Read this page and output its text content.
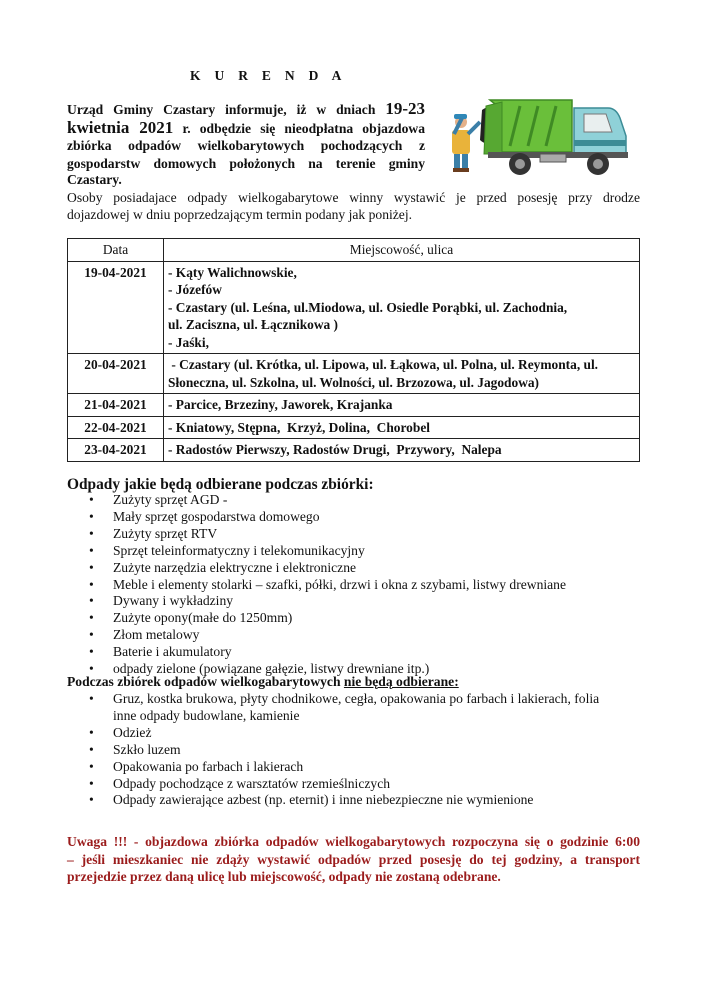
K U R E N D A
Urząd Gminy Czastary informuje, iż w dniach 19-23
kwietnia 2021 r. odbędzie się nieodpłatna objazdowa
zbiórka odpadów wielkobarytowych pochodzących z
gospodarstw domowych położonych na terenie gminy
Czastary.
Osoby posiadajace odpady wielkogabarytowe winny wystawić je przed posesję przy drodze
dojazdowej w dniu poprzedzającym termin podany jak poniżej.
Data	Miejscowość, ulica
19-04-2021	- Kąty Walichnowskie,
- Józefów
- Czastary (ul. Leśna, ul.Miodowa, ul. Osiedle Porąbki, ul. Zachodnia,
ul. Zaciszna, ul. Łącznikowa )
- Jaśki,

20-04-2021	- Czastary (ul. Krótka, ul. Lipowa, ul. Łąkowa, ul. Polna, ul. Reymonta, ul.
Słoneczna, ul. Szkolna, ul. Wolności, ul. Brzozowa, ul. Jagodowa)

21-04-2021	- Parcice, Brzeziny, Jaworek, Krajanka
22-04-2021	- Kniatowy, Stępna,  Krzyż, Dolina,  Chorobel
23-04-2021	- Radostów Pierwszy, Radostów Drugi,  Przywory,  Nalepa
Odpady jakie będą odbierane podczas zbiórki:
• Zużyty sprzęt AGD -
• Mały sprzęt gospodarstwa domowego
• Zużyty sprzęt RTV
• Sprzęt teleinformatyczny i telekomunikacyjny
• Zużyte narzędzia elektryczne i elektroniczne
• Meble i elementy stolarki – szafki, półki, drzwi i okna z szybami, listwy drewniane
• Dywany i wykładziny
• Zużyte opony(małe do 1250mm)
• Złom metalowy
• Baterie i akumulatory
• odpady zielone (powiązane gałęzie, listwy drewniane itp.)
Podczas zbiórek odpadów wielkogabarytowych nie będą odbierane:
• Gruz, kostka brukowa, płyty chodnikowe, cegła, opakowania po farbach i lakierach, folia inne odpady budowlane, kamienie
• Odzież
• Szkło luzem
• Opakowania po farbach i lakierach
• Odpady pochodzące z warsztatów rzemieślniczych
• Odpady zawierające azbest (np. eternit) i inne niebezpieczne nie wymienione
Uwaga !!! - objazdowa zbiórka odpadów wielkogabarytowych rozpoczyna się o godzinie 6:00
– jeśli mieszkaniec nie zdąży wystawić odpadów przed posesję do tej godziny, a transport
przejedzie przez daną ulicę lub miejscowość, odpady nie zostaną odebrane.
